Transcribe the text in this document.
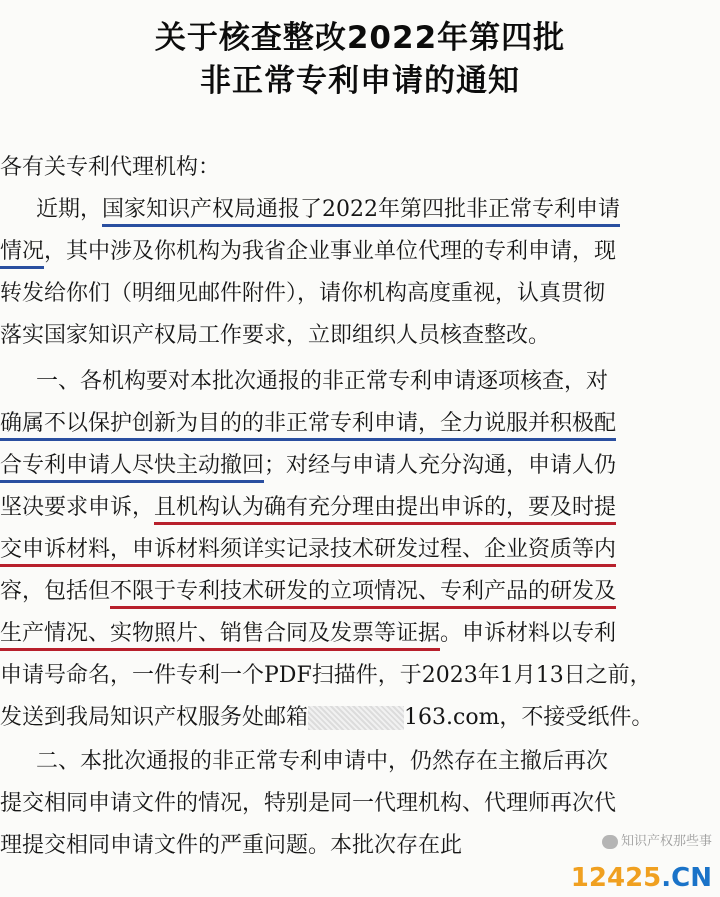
关于核查整改2022年第四批
非正常专利申请的通知
各有关专利代理机构：
近期，国家知识产权局通报了2022年第四批非正常专利申请
情况，其中涉及你机构为我省企业事业单位代理的专利申请，现
转发给你们（明细见邮件附件），请你机构高度重视，认真贯彻
落实国家知识产权局工作要求，立即组织人员核查整改。
一、各机构要对本批次通报的非正常专利申请逐项核查，对
确属不以保护创新为目的的非正常专利申请，全力说服并积极配
合专利申请人尽快主动撤回；对经与申请人充分沟通，申请人仍
坚决要求申诉，且机构认为确有充分理由提出申诉的，要及时提
交申诉材料，申诉材料须详实记录技术研发过程、企业资质等内
容，包括但不限于专利技术研发的立项情况、专利产品的研发及
生产情况、实物照片、销售合同及发票等证据。申诉材料以专利
申请号命名，一件专利一个PDF扫描件，于2023年1月13日之前，
发送到我局知识产权服务处邮箱	163.com，不接受纸件。
二、本批次通报的非正常专利申请中，仍然存在主撤后再次
提交相同申请文件的情况，特别是同一代理机构、代理师再次代
理提交相同申请文件的严重问题。本批次存在此	知识产权那些事
12425.CN
